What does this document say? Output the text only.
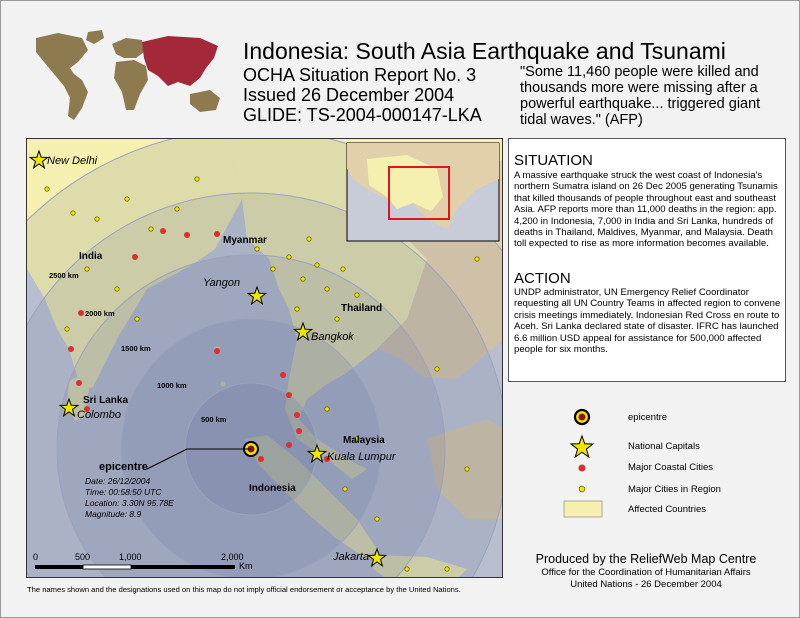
Indonesia: South Asia Earthquake and Tsunami
OCHA Situation Report No. 3
Issued 26 December 2004
GLIDE: TS-2004-000147-LKA
"Some 11,460 people were killed and thousands more were missing after a powerful earthquake... triggered giant tidal waves." (AFP)
New Delhi
India
Myanmar
Yangon
Thailand
Bangkok
2500 km
2000 km
1500 km
1000 km
500 km
Sri Lanka
Colombo
Malaysia
Kuala Lumpur
Indonesia
Jakarta
epicentre
Date: 26/12/2004
Time: 00:58:50 UTC
Location: 3.30N 95.78E
Magnitude: 8.9
0	500	1,000	2,000
Km
SITUATION
A massive earthquake struck the west coast of Indonesia's northern Sumatra island on 26 Dec 2005 generating Tsunamis that killed thousands of people throughout east and southeast Asia. AFP reports more than 11,000 deaths in the region: app. 4,200 in Indonesia, 7,000 in India and Sri Lanka, hundreds of deaths in Thailand, Maldives, Myanmar, and Malaysia. Death toll expected to rise as more information becomes available.
ACTION
UNDP administrator, UN Emergency Relief Coordinator requesting all UN Country Teams in affected region to convene crisis meetings immediately. Indonesian Red Cross en route to Aceh. Sri Lanka declared state of disaster. IFRC has launched 6.6 million USD appeal for assistance for 500,000 affected people for six months.
epicentre
National Capitals
Major Coastal Cities
Major Cities in Region
Affected Countries
Produced by the ReliefWeb Map Centre
Office for the Coordination of Humanitarian Affairs
United Nations - 26 December 2004
The names shown and the designations used on this map do not imply official endorsement or acceptance by the United Nations.
